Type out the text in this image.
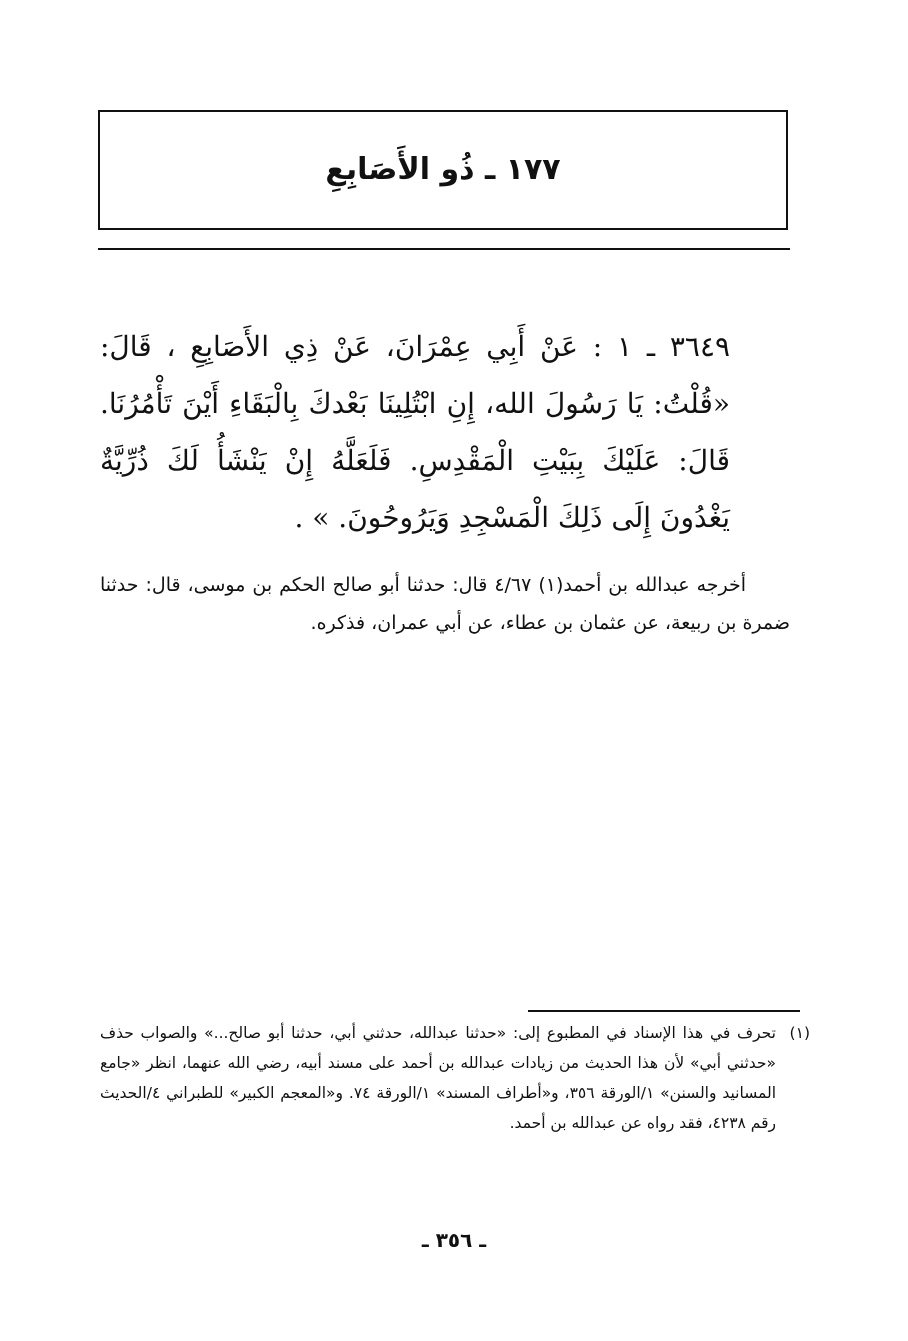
١٧٧ ـ ذُو الأَصَابِعِ

٣٦٤٩ ـ ١ : عَنْ أَبِي عِمْرَانَ، عَنْ ذِي الأَصَابِعِ ، قَالَ: «قُلْتُ: يَا رَسُولَ الله، إِنِ ابْتُلِينَا بَعْدكَ بِالْبَقَاءِ أَيْنَ تَأْمُرُنَا. قَالَ: عَلَيْكَ بِبَيْتِ الْمَقْدِسِ. فَلَعَلَّهُ إِنْ يَنْشَأُ لَكَ ذُرِّيَّةٌ يَغْدُونَ إِلَى ذَلِكَ الْمَسْجِدِ وَيَرُوحُونَ. » .

أخرجه عبدالله بن أحمد(١) ٤/٦٧ قال: حدثنا أبو صالح الحكم بن موسى، قال: حدثنا ضمرة بن ربيعة، عن عثمان بن عطاء، عن أبي عمران، فذكره.

(١)
تحرف في هذا الإسناد في المطبوع إلى: «حدثنا عبدالله، حدثني أبي، حدثنا أبو صالح...» والصواب حذف «حدثني أبي» لأن هذا الحديث من زيادات عبدالله بن أحمد على مسند أبيه، رضي الله عنهما، انظر «جامع المسانيد والسنن» ١/الورقة ٣٥٦، و«أطراف المسند» ١/الورقة ٧٤. و«المعجم الكبير» للطبراني ٤/الحديث رقم ٤٢٣٨، فقد رواه عن عبدالله بن أحمد.
ـ ٣٥٦ ـ
